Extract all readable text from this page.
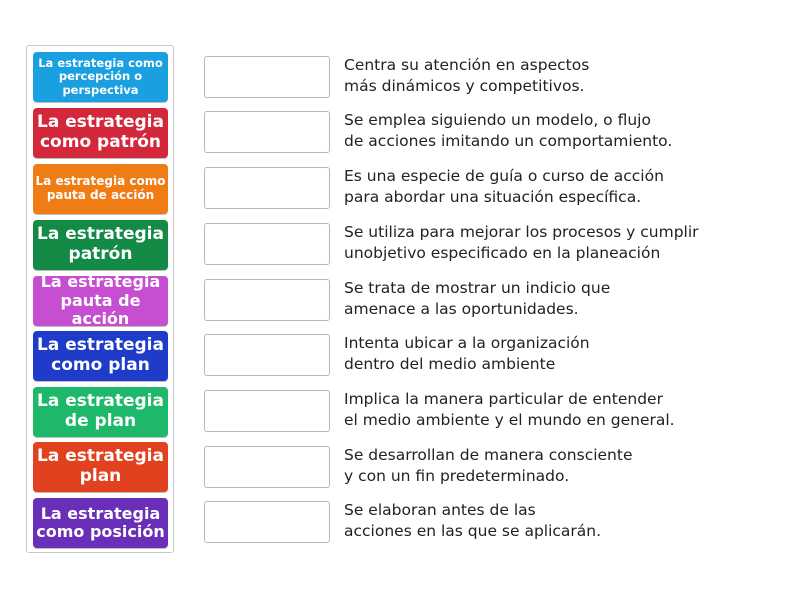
La estrategia como percepción o perspectiva
La estrategia como patrón
La estrategia como pauta de acción
La estrategia patrón
La estrategia pauta de acción
La estrategia como plan
La estrategia de plan
La estrategia plan
La estrategia como posición
Centra su atención en aspectos
más dinámicos y competitivos.
Se emplea siguiendo un modelo, o flujo
de acciones imitando un comportamiento.
Es una especie de guía o curso de acción
para abordar una situación específica.
Se utiliza para mejorar los procesos y cumplir
unobjetivo especificado en la planeación
Se trata de mostrar un indicio que
amenace a las oportunidades.
Intenta ubicar a la organización
dentro del medio ambiente
Implica la manera particular de entender
el medio ambiente y el mundo en general.
Se desarrollan de manera consciente
y con un fin predeterminado.
Se elaboran antes de las
acciones en las que se aplicarán.
